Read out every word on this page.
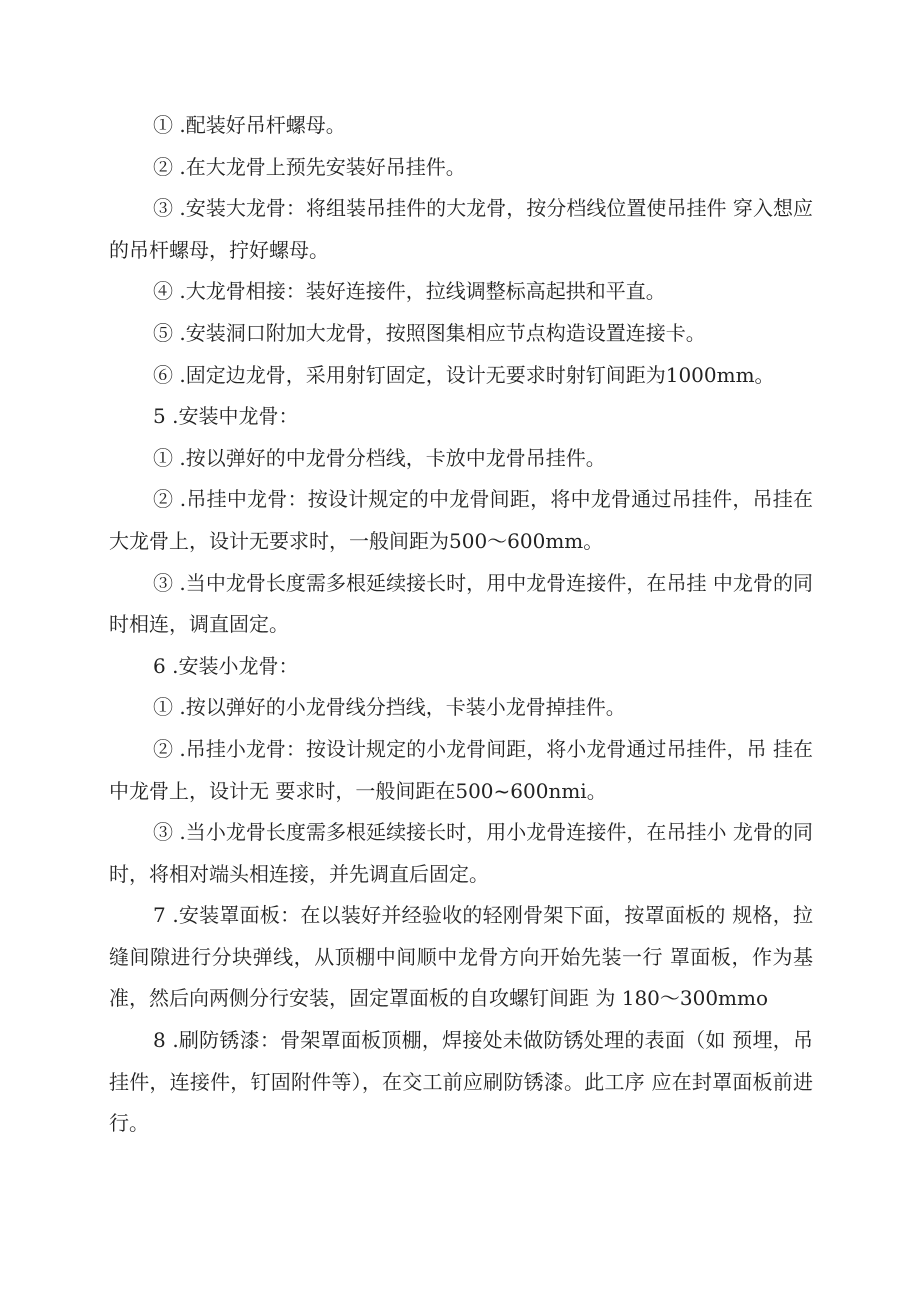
① .配装好吊杆螺母。

② .在大龙骨上预先安装好吊挂件。

③ .安装大龙骨：将组装吊挂件的大龙骨，按分档线位置使吊挂件 穿入想应的吊杆螺母，拧好螺母。

④ .大龙骨相接：装好连接件，拉线调整标高起拱和平直。

⑤ .安装洞口附加大龙骨，按照图集相应节点构造设置连接卡。

⑥ .固定边龙骨，采用射钉固定，设计无要求时射钉间距为1000mm。

5 .安装中龙骨：

① .按以弹好的中龙骨分档线，卡放中龙骨吊挂件。

② .吊挂中龙骨：按设计规定的中龙骨间距，将中龙骨通过吊挂件，吊挂在大龙骨上，设计无要求时，一般间距为500～600mm。

③ .当中龙骨长度需多根延续接长时，用中龙骨连接件，在吊挂 中龙骨的同时相连，调直固定。

6 .安装小龙骨：

① .按以弹好的小龙骨线分挡线，卡装小龙骨掉挂件。

② .吊挂小龙骨：按设计规定的小龙骨间距，将小龙骨通过吊挂件，吊 挂在中龙骨上，设计无 要求时，一般间距在500~600nmi。

③ .当小龙骨长度需多根延续接长时，用小龙骨连接件，在吊挂小 龙骨的同时，将相对端头相连接，并先调直后固定。

7 .安装罩面板：在以装好并经验收的轻刚骨架下面，按罩面板的 规格，拉缝间隙进行分块弹线，从顶棚中间顺中龙骨方向开始先装一行 罩面板，作为基准，然后向两侧分行安装，固定罩面板的自攻螺钉间距 为 180～300mmo

8 .刷防锈漆：骨架罩面板顶棚，焊接处未做防锈处理的表面（如 预埋，吊挂件，连接件，钉固附件等），在交工前应刷防锈漆。此工序 应在封罩面板前进行。
